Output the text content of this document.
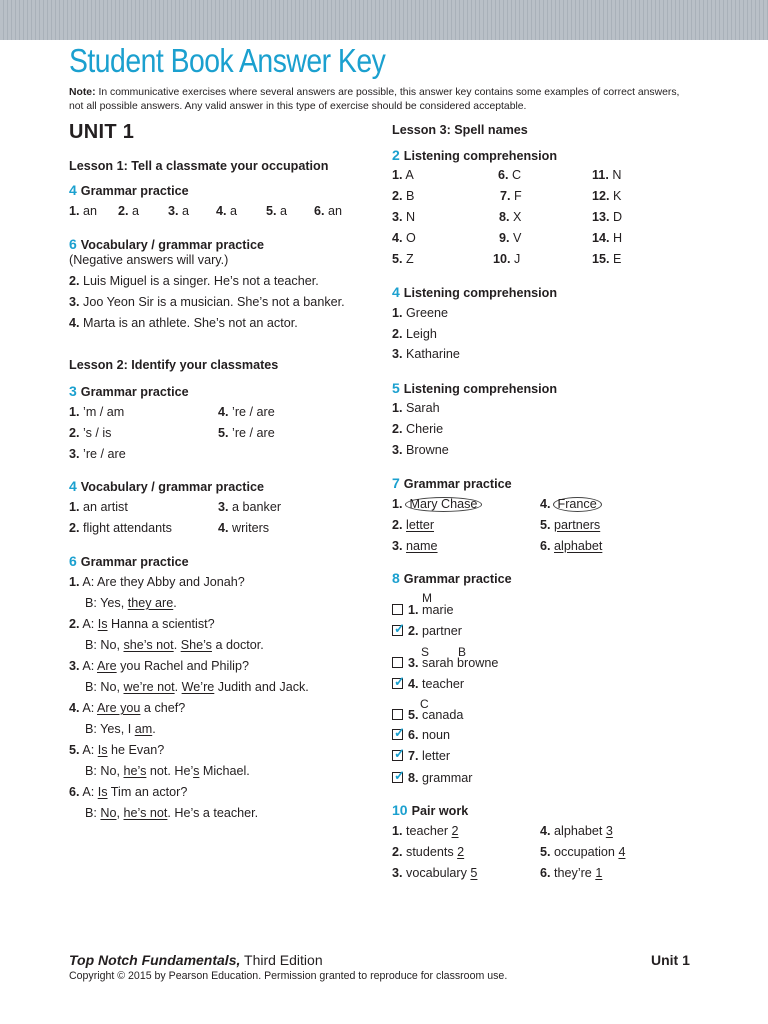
Student Book Answer Key
Note: In communicative exercises where several answers are possible, this answer key contains some examples of correct answers, not all possible answers. Any valid answer in this type of exercise should be considered acceptable.
UNIT 1
Lesson 1: Tell a classmate your occupation
4 Grammar practice
1. an 2. a 3. a 4. a 5. a 6. an
6 Vocabulary / grammar practice
(Negative answers will vary.)
2. Luis Miguel is a singer. He’s not a teacher.
3. Joo Yeon Sir is a musician. She’s not a banker.
4. Marta is an athlete. She’s not an actor.
Lesson 2: Identify your classmates
3 Grammar practice
1. ’m / am	4. ’re / are
2. ’s / is	5. ’re / are
3. ’re / are
4 Vocabulary / grammar practice
1. an artist	3. a banker
2. flight attendants	4. writers
6 Grammar practice
1. A: Are they Abby and Jonah?
B: Yes, they are.
2. A: Is Hanna a scientist?
B: No, she’s not. She’s a doctor.
3. A: Are you Rachel and Philip?
B: No, we’re not. We’re Judith and Jack.
4. A: Are you a chef?
B: Yes, I am.
5. A: Is he Evan?
B: No, he’s not. He’s Michael.
6. A: Is Tim an actor?
B: No, he’s not. He’s a teacher.
Lesson 3: Spell names
2 Listening comprehension
1. A	6. C	11. N
2. B	7. F	12. K
3. N	8. X	13. D
4. O	9. V	14. H
5. Z	10. J	15. E
4 Listening comprehension
1. Greene
2. Leigh
3. Katharine
5 Listening comprehension
1. Sarah
2. Cherie
3. Browne
7 Grammar practice
1. Mary Chase	4. France
2. letter	5. partners
3. name	6. alphabet
8 Grammar practice
M
1. marie
✓ 2. partner
S B
3. sarah browne
✓ 4. teacher
C
5. canada
✓ 6. noun
✓ 7. letter
✓ 8. grammar
10 Pair work
1. teacher 2	4. alphabet 3
2. students 2	5. occupation 4
3. vocabulary 5	6. they’re 1
Top Notch Fundamentals, Third Edition
Copyright © 2015 by Pearson Education. Permission granted to reproduce for classroom use.
Unit 1
